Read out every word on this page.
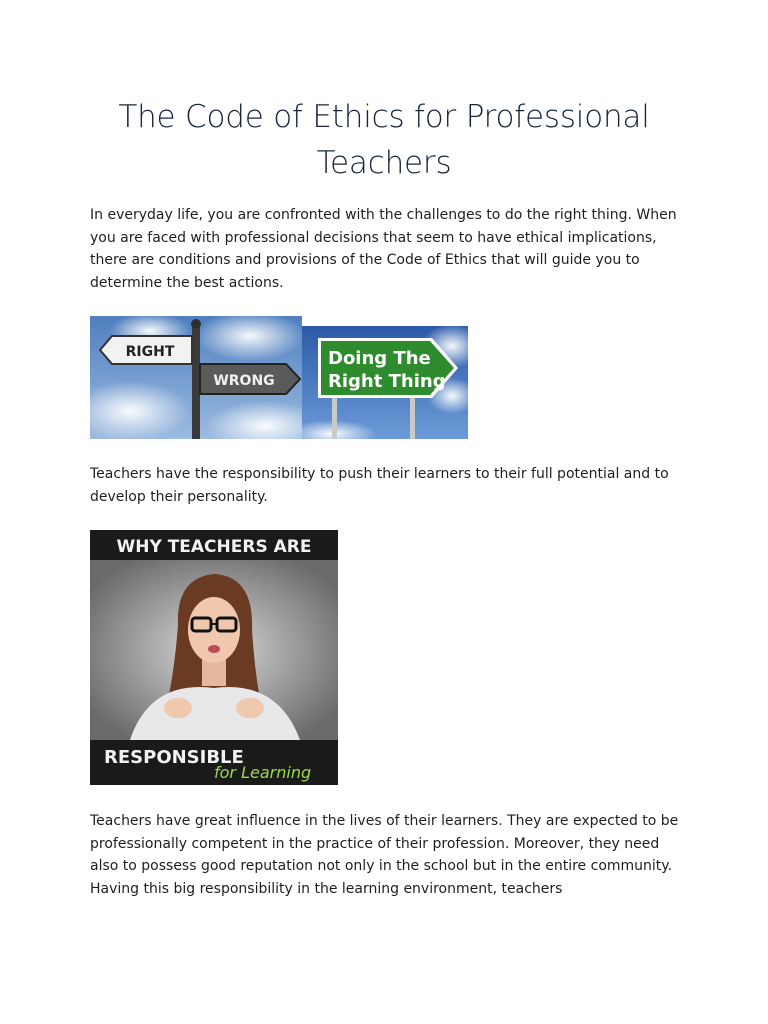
The Code of Ethics for Professional Teachers

In everyday life, you are confronted with the challenges to do the right thing. When you are faced with professional decisions that seem to have ethical implications, there are conditions and provisions of the Code of Ethics that will guide you to determine the best actions.

RIGHT
WRONG
Doing The
Right Thing

Teachers have the responsibility to push their learners to their full potential and to develop their personality.

WHY TEACHERS ARE
RESPONSIBLE
for Learning

Teachers have great influence in the lives of their learners. They are expected to be professionally competent in the practice of their profession. Moreover, they need also to possess good reputation not only in the school but in the entire community. Having this big responsibility in the learning environment, teachers
